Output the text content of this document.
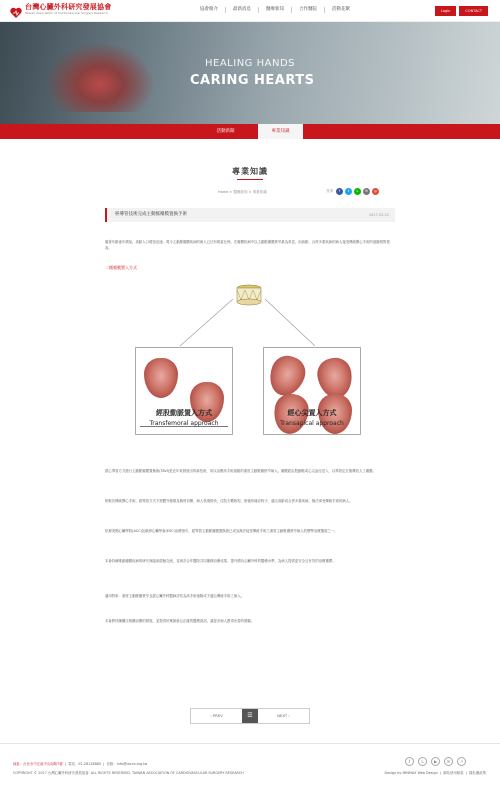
台灣心臟外科研究發展協會
Taiwan Association of Cardiovascular Surgery Research
協會簡介	最新消息	醫療新知	合作醫院	活動花絮	Login	CONTACT
HEALING HANDS
CARING HEARTS
活動新聞	專業知識
專業知識
Home > 醫療新知 > 專業知識	分享	f	t	L	✉	g
經導管技術完成主動脈瓣膜置換手術	2017.02.22
隨著年齡逐年增加，高齡人口增加迅速，現今主動脈瓣膜疾病的病人已佔有相當比例。在瓣膜疾病中以主動脈瓣膜狹窄最為常見，而高齡、合併多重疾病的病人接受傳統開心手術的風險相對提高。
二種瓣膜置入方式
經股動脈置入方式
Transfemoral approach
經心尖置入方式
Transapical approach
經心導管方式進行主動脈瓣膜置換術(TAVI)是近年來發展出的新技術，用以治療高手術風險的重度主動脈瓣狹窄病人。瓣膜經由股動脈或心尖途徑送入，以導管定位後釋放人工瓣膜。
相較於傳統開心手術，經導管方式不需體外循環及胸骨切開，病人恢復較快，住院天數較短，術後疼痛亦較少，適合高齡或合併多重疾病、無法承受傳統手術的病人。
依據美國心臟學院(ACC)及歐洲心臟學會(ESC)治療指引，經導管主動脈瓣膜置換術已成為無法接受傳統手術之重度主動脈瓣狹窄病人的標準治療選項之一。
本會持續推動瓣膜疾病的研究與臨床經驗交流，並與各合作醫院共同累積治療成果，提升國內心臟外科的醫療水準，為病人提供更安全且有效的治療選擇。
適用對象：重度主動脈瓣狹窄且經心臟外科醫師評估為高手術風險或不適合傳統手術之病人。
本會將持續關注相關治療的發展，並提供民眾最新且正確的醫療資訊，讓更多病人獲得妥善的照顧。
‹ PREV	☰	NEXT ›
地址：台北市中正區中山南路7號  |  電話：02-28128880  |  信箱：info@tacvs.org.tw
COPYRIGHT © 2017 台灣心臟外科研究發展協會. ALL RIGHTS RESERVED. TAIWAN ASSOCIATION OF CARDIOVASCULAR SURGERY RESEARCH
f	L	▶	✉	↗
Design by MINMAX Web Design  |  網站使用條款  |  隱私權政策
